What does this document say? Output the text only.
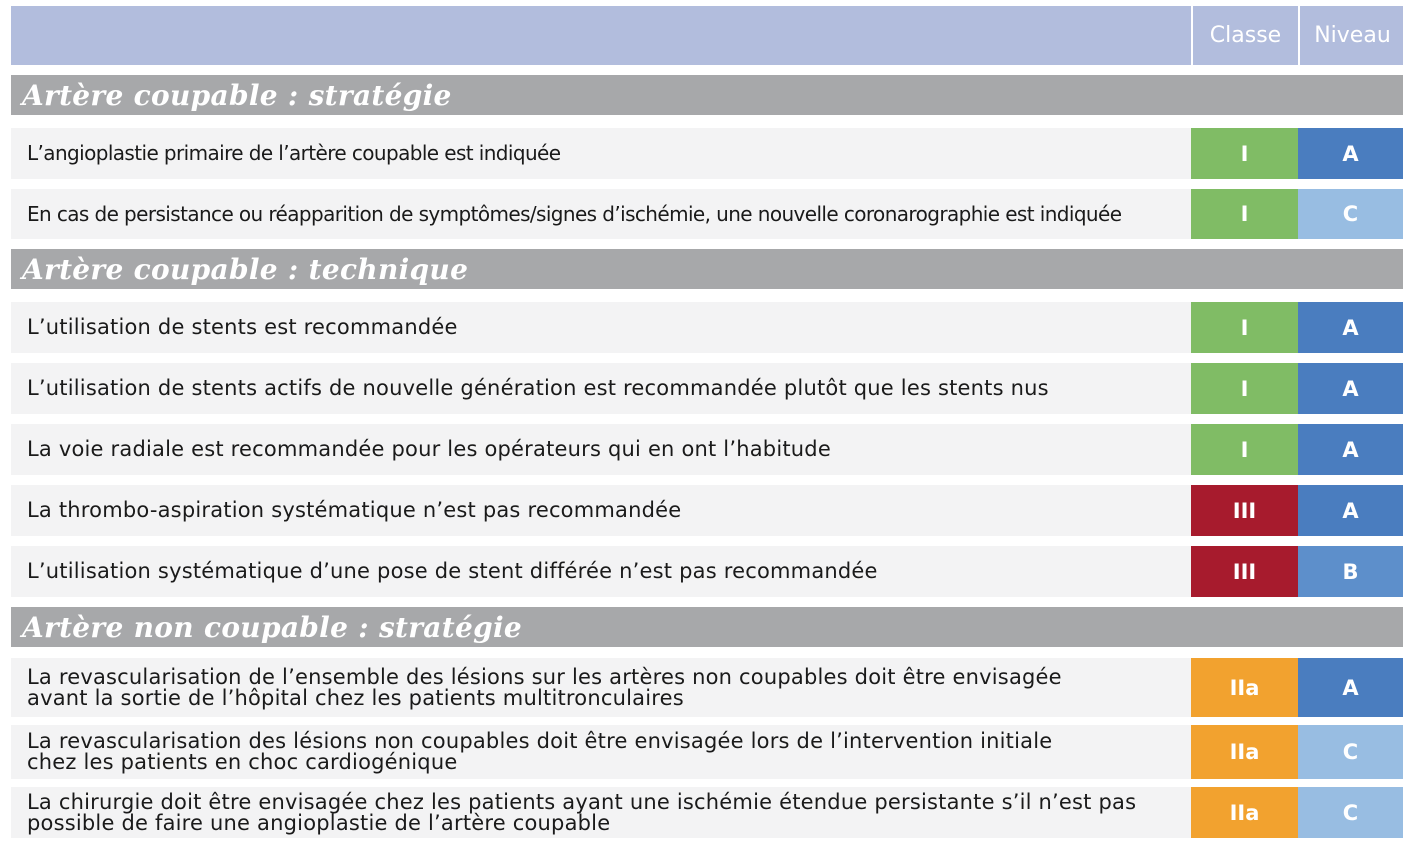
Classe	Niveau
Artère coupable : stratégie
L’angioplastie primaire de l’artère coupable est indiquée	I	A
En cas de persistance ou réapparition de symptômes/signes d’ischémie, une nouvelle coronarographie est indiquée	I	C
Artère coupable : technique
L’utilisation de stents est recommandée	I	A
L’utilisation de stents actifs de nouvelle génération est recommandée plutôt que les stents nus	I	A
La voie radiale est recommandée pour les opérateurs qui en ont l’habitude	I	A
La thrombo-aspiration systématique n’est pas recommandée	III	A
L’utilisation systématique d’une pose de stent différée n’est pas recommandée	III	B
Artère non coupable : stratégie
La revascularisation de l’ensemble des lésions sur les artères non coupables doit être envisagée
avant la sortie de l’hôpital chez les patients multitronculaires	IIa	A
La revascularisation des lésions non coupables doit être envisagée lors de l’intervention initiale
chez les patients en choc cardiogénique	IIa	C
La chirurgie doit être envisagée chez les patients ayant une ischémie étendue persistante s’il n’est pas
possible de faire une angioplastie de l’artère coupable	IIa	C
